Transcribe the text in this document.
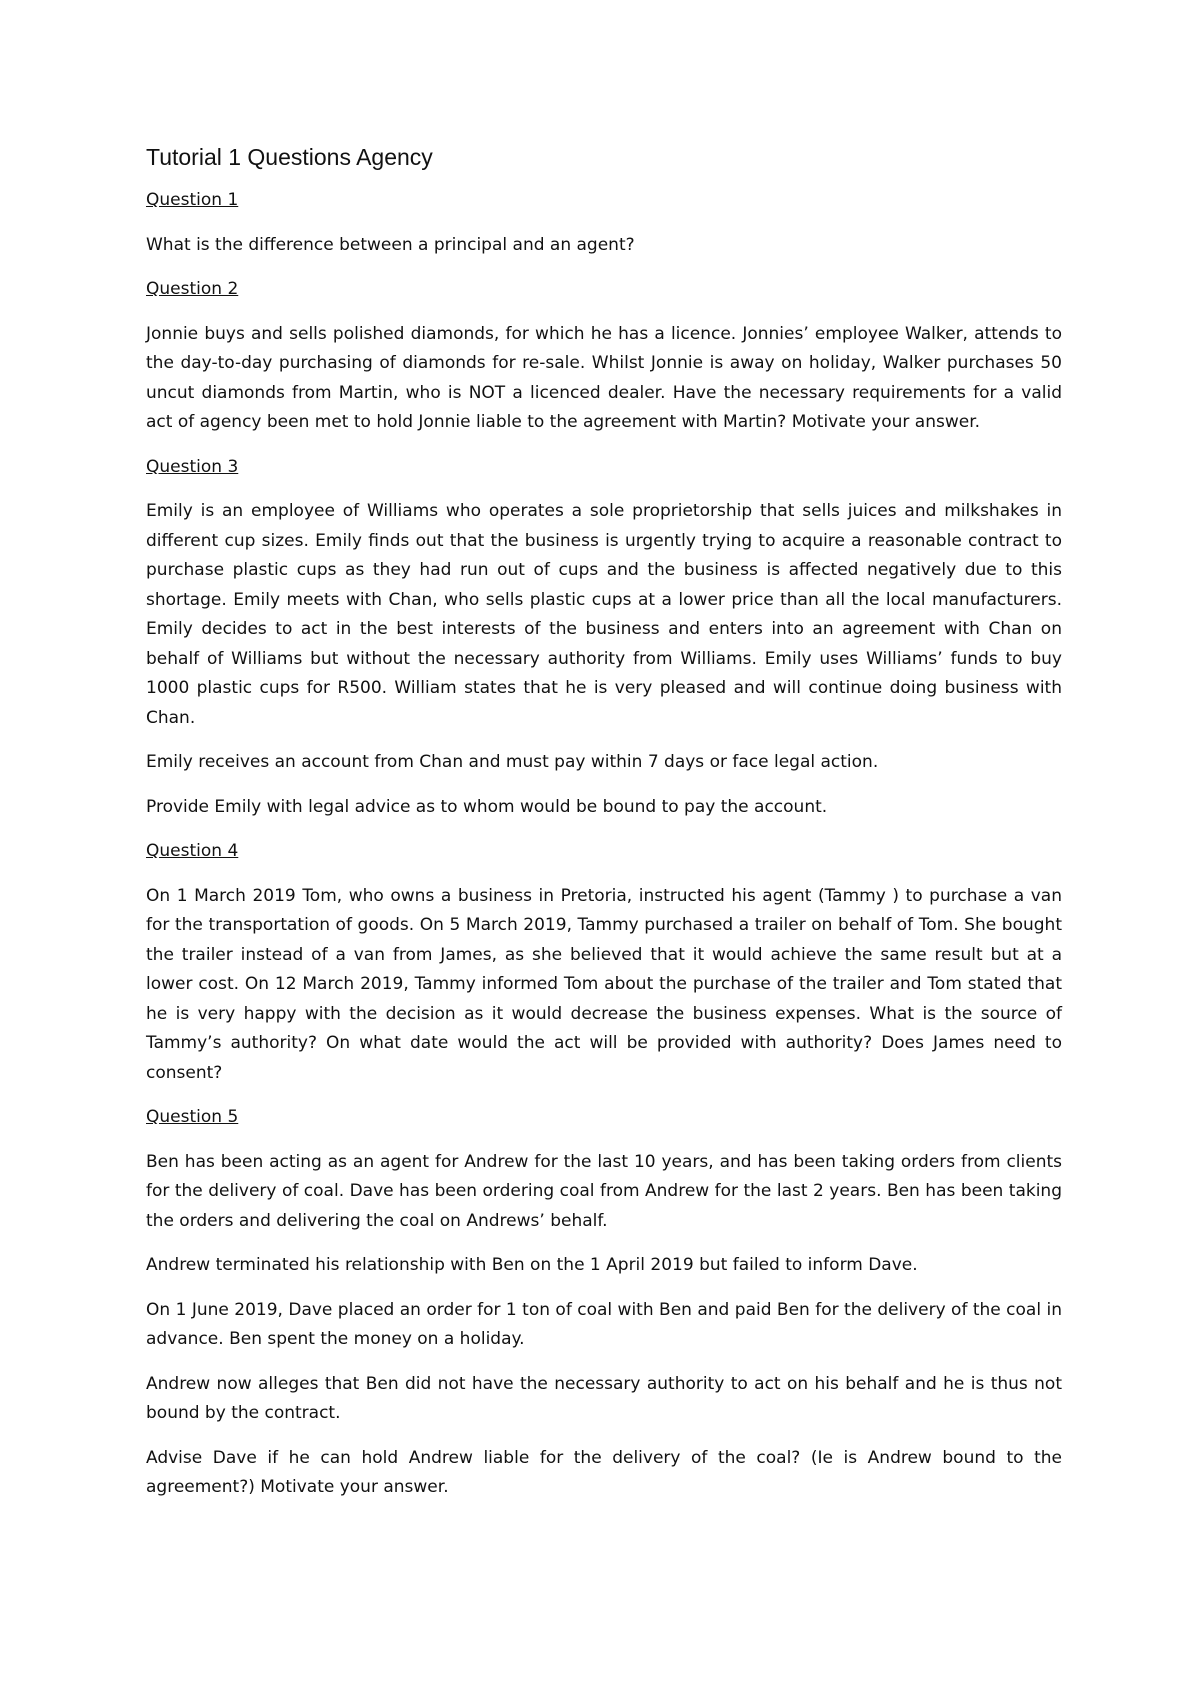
Tutorial 1 Questions Agency

Question 1

What is the difference between a principal and an agent?

Question 2

Jonnie buys and sells polished diamonds, for which he has a licence. Jonnies’ employee Walker, attends to the day-to-day purchasing of diamonds for re-sale. Whilst Jonnie is away on holiday, Walker purchases 50 uncut diamonds from Martin, who is NOT a licenced dealer. Have the necessary requirements for a valid act of agency been met to hold Jonnie liable to the agreement with Martin? Motivate your answer.

Question 3

Emily is an employee of Williams who operates a sole proprietorship that sells juices and milkshakes in different cup sizes. Emily finds out that the business is urgently trying to acquire a reasonable contract to purchase plastic cups as they had run out of cups and the business is affected negatively due to this shortage. Emily meets with Chan, who sells plastic cups at a lower price than all the local manufacturers. Emily decides to act in the best interests of the business and enters into an agreement with Chan on behalf of Williams but without the necessary authority from Williams. Emily uses Williams’ funds to buy 1000 plastic cups for R500. William states that he is very pleased and will continue doing business with Chan.

Emily receives an account from Chan and must pay within 7 days or face legal action.

Provide Emily with legal advice as to whom would be bound to pay the account.

Question 4

On 1 March 2019 Tom, who owns a business in Pretoria, instructed his agent (Tammy ) to purchase a van for the transportation of goods. On 5 March 2019, Tammy purchased a trailer on behalf of Tom. She bought the trailer instead of a van from James, as she believed that it would achieve the same result but at a lower cost. On 12 March 2019, Tammy informed Tom about the purchase of the trailer and Tom stated that he is very happy with the decision as it would decrease the business expenses. What is the source of Tammy’s authority? On what date would the act will be provided with authority? Does James need to consent?

Question 5

Ben has been acting as an agent for Andrew for the last 10 years, and has been taking orders from clients for the delivery of coal. Dave has been ordering coal from Andrew for the last 2 years. Ben has been taking the orders and delivering the coal on Andrews’ behalf.

Andrew terminated his relationship with Ben on the 1 April 2019 but failed to inform Dave.

On 1 June 2019, Dave placed an order for 1 ton of coal with Ben and paid Ben for the delivery of the coal in advance. Ben spent the money on a holiday.

Andrew now alleges that Ben did not have the necessary authority to act on his behalf and he is thus not bound by the contract.

Advise Dave if he can hold Andrew liable for the delivery of the coal? (Ie is Andrew bound to the agreement?) Motivate your answer.
